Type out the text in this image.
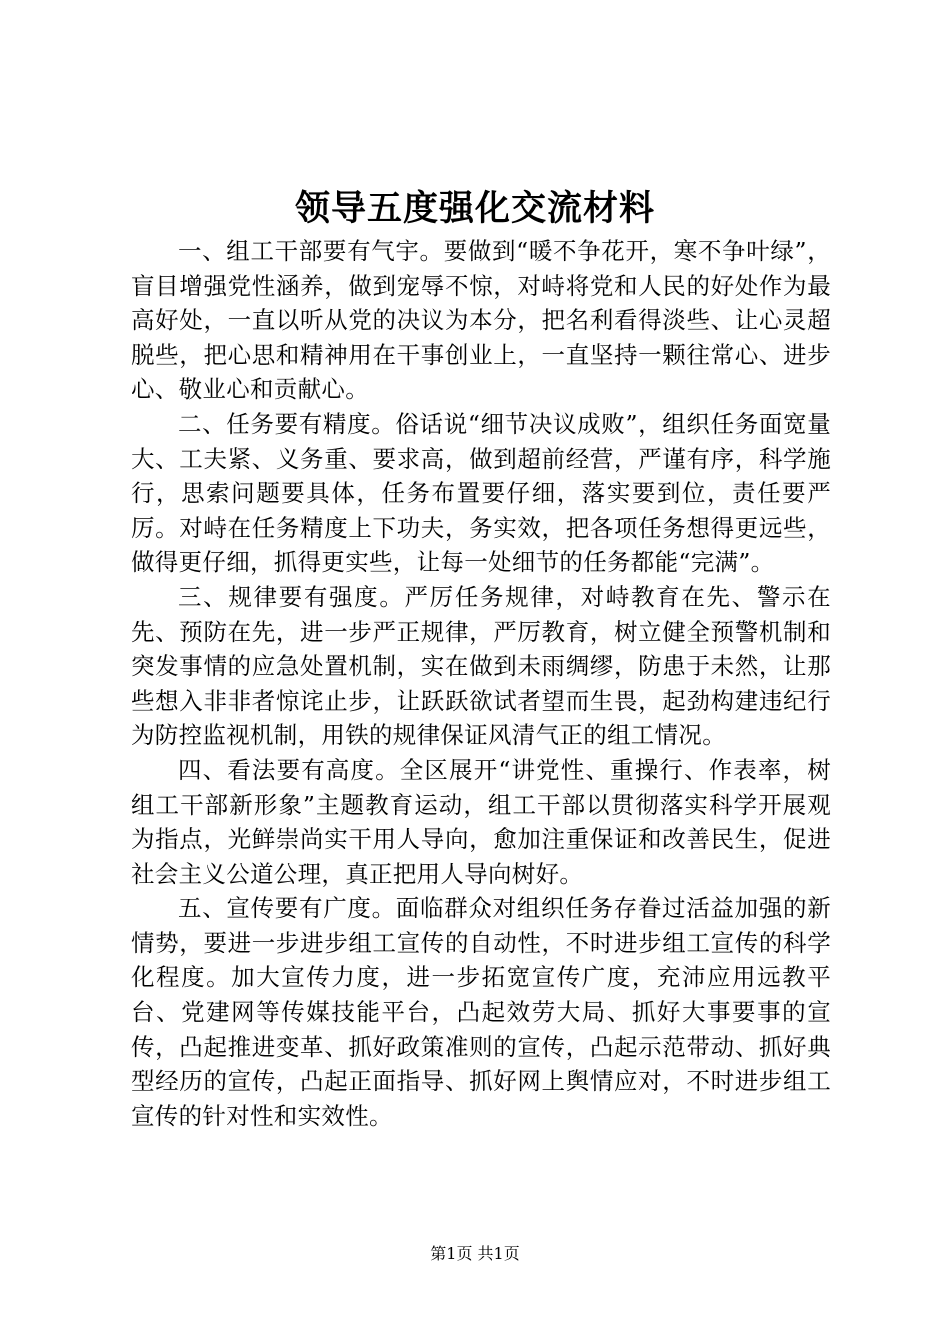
领导五度强化交流材料

一、组工干部要有气宇。要做到“暖不争花开，寒不争叶绿”，盲目增强党性涵养，做到宠辱不惊，对峙将党和人民的好处作为最高好处，一直以听从党的决议为本分，把名利看得淡些、让心灵超脱些，把心思和精神用在干事创业上，一直坚持一颗往常心、进步心、敬业心和贡献心。

二、任务要有精度。俗话说“细节决议成败”，组织任务面宽量大、工夫紧、义务重、要求高，做到超前经营，严谨有序，科学施行，思索问题要具体，任务布置要仔细，落实要到位，责任要严厉。对峙在任务精度上下功夫，务实效，把各项任务想得更远些，做得更仔细，抓得更实些，让每一处细节的任务都能“完满”。

三、规律要有强度。严厉任务规律，对峙教育在先、警示在先、预防在先，进一步严正规律，严厉教育，树立健全预警机制和突发事情的应急处置机制，实在做到未雨绸缪，防患于未然，让那些想入非非者惊诧止步，让跃跃欲试者望而生畏，起劲构建违纪行为防控监视机制，用铁的规律保证风清气正的组工情况。

四、看法要有高度。全区展开“讲党性、重操行、作表率，树组工干部新形象”主题教育运动，组工干部以贯彻落实科学开展观为指点，光鲜崇尚实干用人导向，愈加注重保证和改善民生，促进社会主义公道公理，真正把用人导向树好。

五、宣传要有广度。面临群众对组织任务存眷过活益加强的新情势，要进一步进步组工宣传的自动性，不时进步组工宣传的科学化程度。加大宣传力度，进一步拓宽宣传广度，充沛应用远教平台、党建网等传媒技能平台，凸起效劳大局、抓好大事要事的宣传，凸起推进变革、抓好政策准则的宣传，凸起示范带动、抓好典型经历的宣传，凸起正面指导、抓好网上舆情应对，不时进步组工宣传的针对性和实效性。

第1页 共1页
